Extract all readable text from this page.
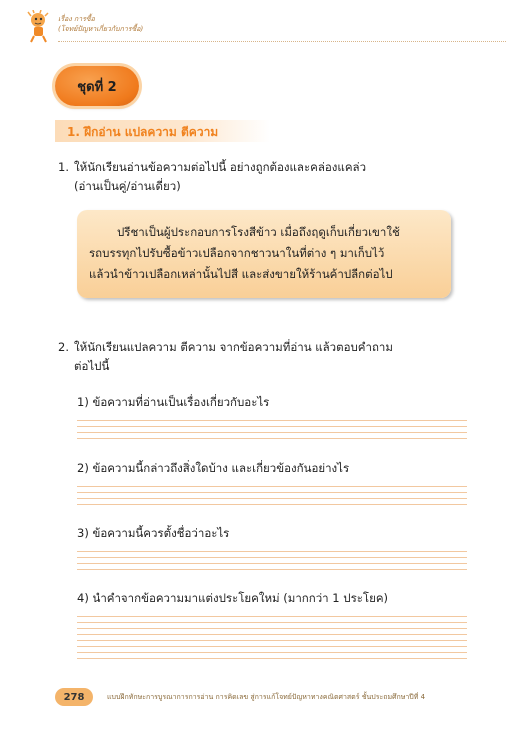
เรื่อง การซื้อ
(โจทย์ปัญหาเกี่ยวกับการซื้อ)
ชุดที่ 2
1. ฝึกอ่าน แปลความ ตีความ
1. ให้นักเรียนอ่านข้อความต่อไปนี้ อย่างถูกต้องและคล่องแคล่ว
(อ่านเป็นคู่/อ่านเดี่ยว)
ปรีชาเป็นผู้ประกอบการโรงสีข้าว เมื่อถึงฤดูเก็บเกี่ยวเขาใช้
รถบรรทุกไปรับซื้อข้าวเปลือกจากชาวนาในที่ต่าง ๆ มาเก็บไว้
แล้วนำข้าวเปลือกเหล่านั้นไปสี และส่งขายให้ร้านค้าปลีกต่อไป
2. ให้นักเรียนแปลความ ตีความ จากข้อความที่อ่าน แล้วตอบคำถาม
ต่อไปนี้
1) ข้อความที่อ่านเป็นเรื่องเกี่ยวกับอะไร
2) ข้อความนี้กล่าวถึงสิ่งใดบ้าง และเกี่ยวข้องกันอย่างไร
3) ข้อความนี้ควรตั้งชื่อว่าอะไร
4) นำคำจากข้อความมาแต่งประโยคใหม่ (มากกว่า 1 ประโยค)
278	แบบฝึกทักษะการบูรณาการการอ่าน การคิดเลข สู่การแก้โจทย์ปัญหาทางคณิตศาสตร์ ชั้นประถมศึกษาปีที่ 4
